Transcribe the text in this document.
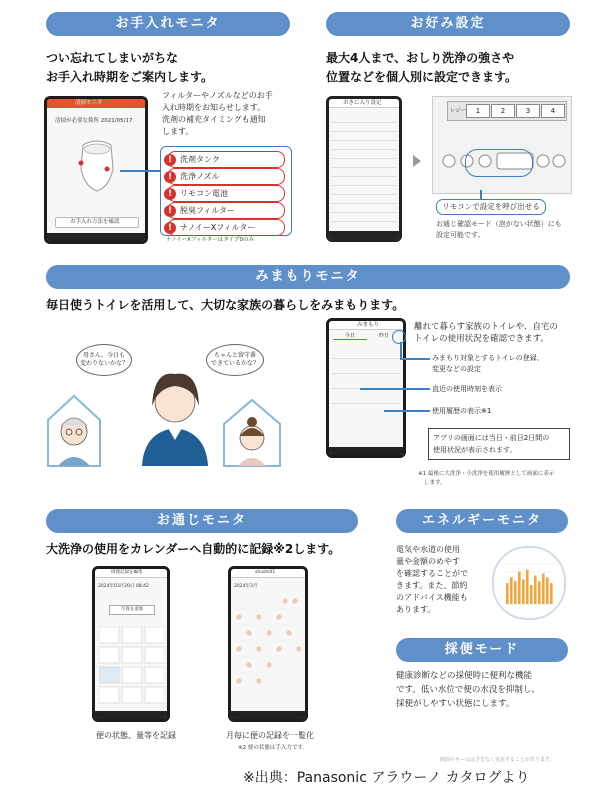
お手入れモニタ
つい忘れてしまいがちな
お手入れ時期をご案内します。
清掃モニタ
清掃が必要な箇所 2021/05/17
お手入れ方法を確認
フィルターやノズルなどのお手
入れ時期をお知らせします。
洗剤の補充タイミングも通知
します。
! 洗剤タンク
! 洗浄ノズル
! リモコン電池
! 脱臭フィルター
! ナノイーXフィルター
ナノイーXフィルターはタイプ0のみ
お好み設定
最大4人まで、おしり洗浄の強さや
位置などを個人別に設定できます。
おきに入り設定
レジー	1	2	3	4
リモコンで設定を呼び出せる
お通じ確認モード（泡がない状態）にも
設定可能です。
みまもりモニタ
毎日使うトイレを活用して、大切な家族の暮らしをみまもります。
母さん、今日も
変わりないかな？
ちゃんと留守番
できているかな？
みまもり
今日	昨日
離れて暮らす家族のトイレや、自宅の
トイレの使用状況を確認できます。
みまもり対象とするトイレの登録、
変更などの設定
直近の使用時刻を表示
使用履歴の表示※1
アプリの画面には当日・前日2日間の
使用状況が表示されます。
※1 最後に大洗浄・小洗浄を使用履歴として画面に表示
します。
お通じモニタ
大洗浄の使用をカレンダーへ自動的に記録※2します。
排便記録を編集
2024年03月20日 08:42
写真を追加
shushi01
2024年3月
便の状態、量等を記録	月毎に便の記録を一覧化
※2 便の状態は手入力です。
エネルギーモニタ
電気や水道の使用
量や金額のめやす
を確認することがで
きます。また、節約
のアドバイス機能も
あります。
採便モード
健康診断などの採便時に便利な機能
です。低い水位で便の水没を抑制し、
採便がしやすい状態にします。
画面やキーはは予告なく変更することがあります。
※出典：Panasonic アラウーノ カタログより
